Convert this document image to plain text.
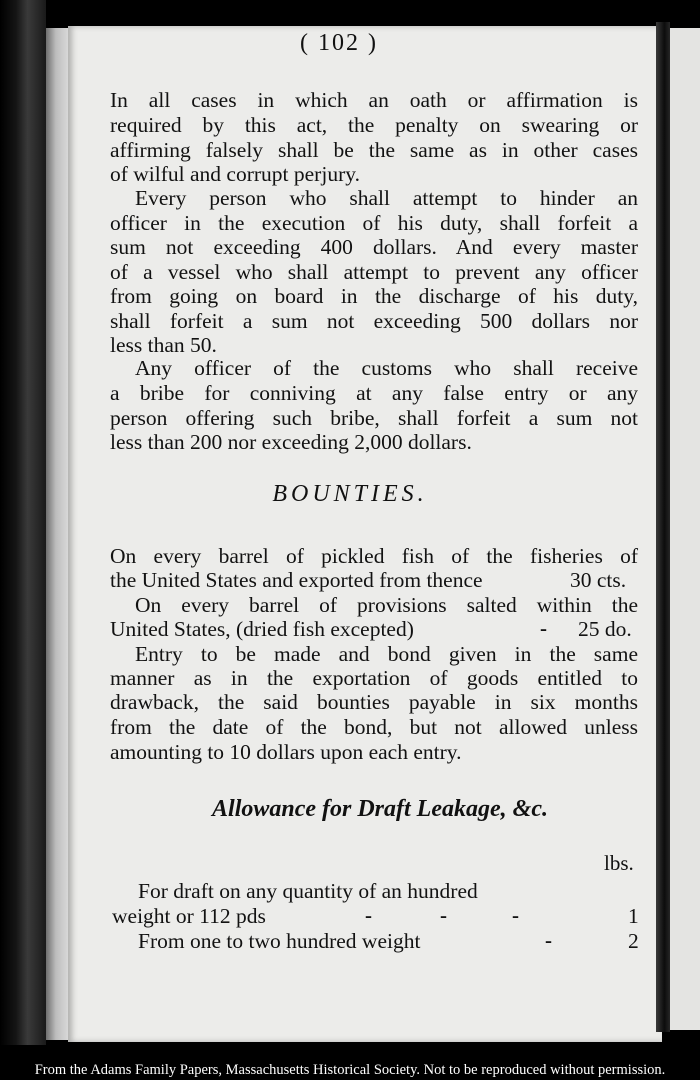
( 102 )
In all cases in which an oath or affirmation is
required by this act, the penalty on swearing or
affirming falsely shall be the same as in other cases
of wilful and corrupt perjury.
Every person who shall attempt to hinder an
officer in the execution of his duty, shall forfeit a
sum not exceeding 400 dollars. And every master
of a vessel who shall attempt to prevent any officer
from going on board in the discharge of his duty,
shall forfeit a sum not exceeding 500 dollars nor
less than 50.
Any officer of the customs who shall receive
a bribe for conniving at any false entry or any
person offering such bribe, shall forfeit a sum not
less than 200 nor exceeding 2,000 dollars.
BOUNTIES.
On every barrel of pickled fish of the fisheries of
the United States and exported from thence	30 cts.
On every barrel of provisions salted within the
United States, (dried fish excepted)	- 25 do.
Entry to be made and bond given in the same
manner as in the exportation of goods entitled to
drawback, the said bounties payable in six months
from the date of the bond, but not allowed unless
amounting to 10 dollars upon each entry.
Allowance for Draft Leakage, &c.
lbs.
For draft on any quantity of an hundred
weight or 112 pds	-	-	-	1
From one to two hundred weight	-	2
From the Adams Family Papers, Massachusetts Historical Society. Not to be reproduced without permission.
